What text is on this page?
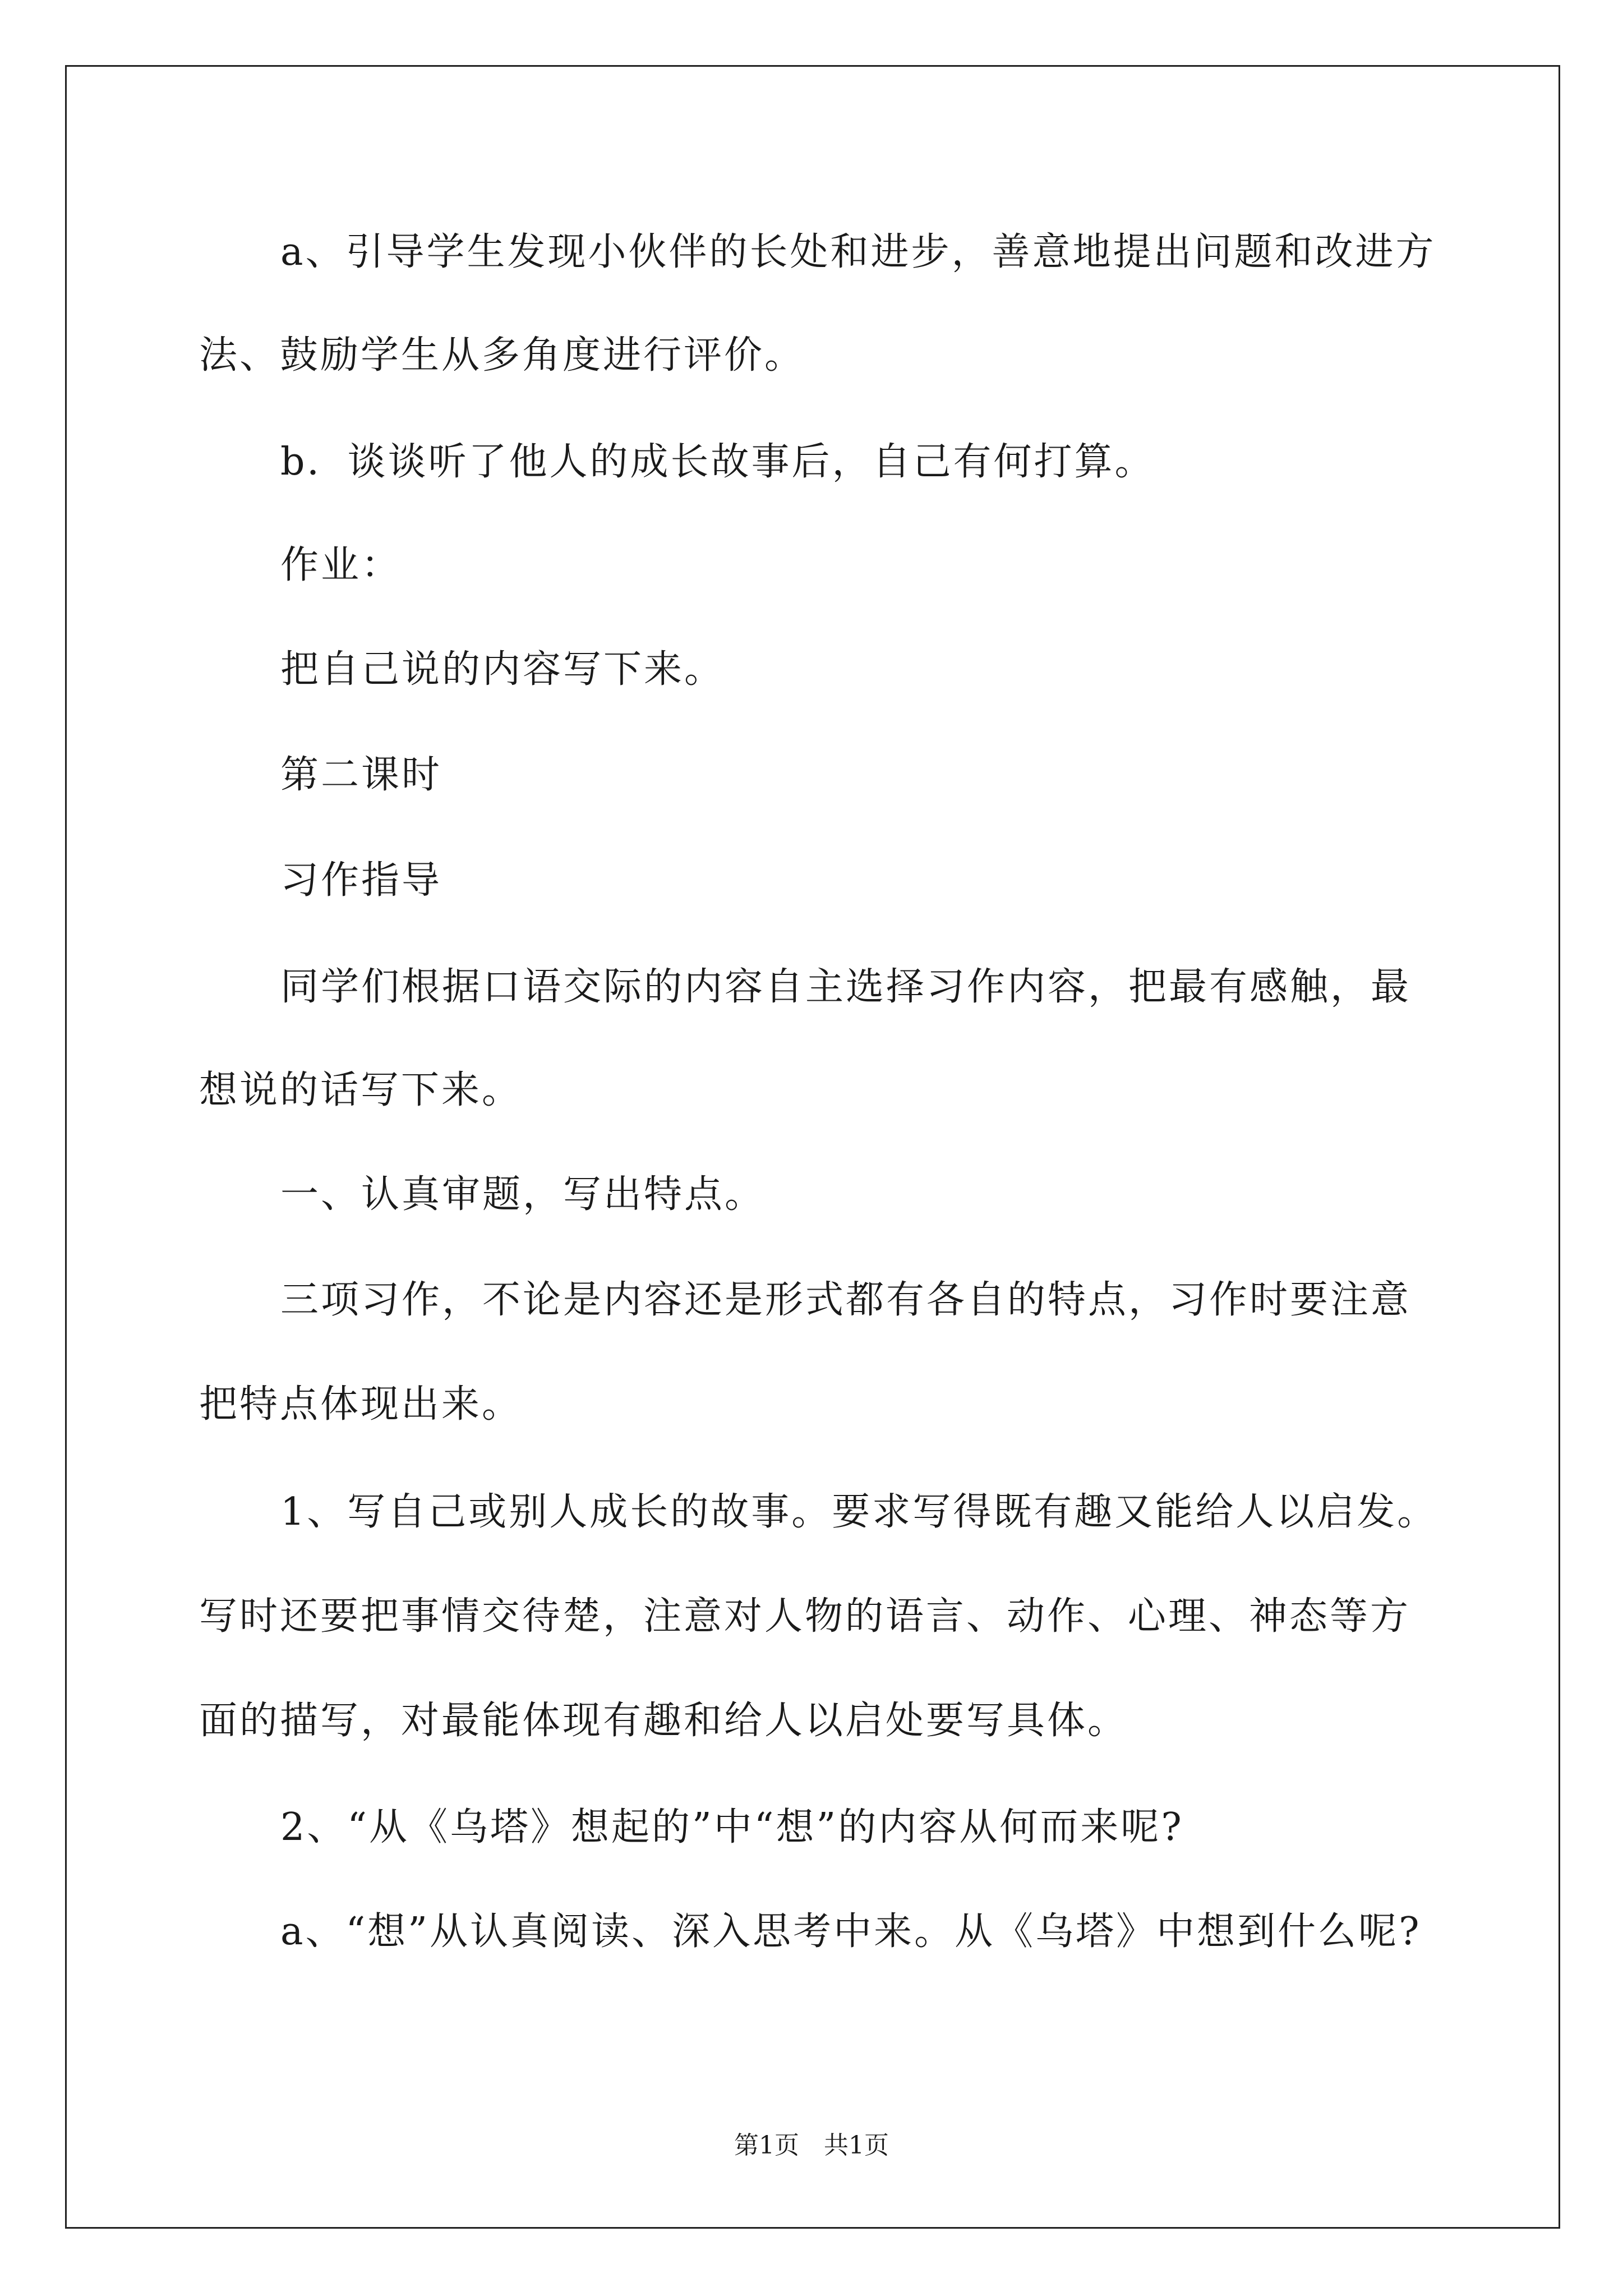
a、引导学生发现小伙伴的长处和进步，善意地提出问题和改进方
法、鼓励学生从多角度进行评价。
b．谈谈听了他人的成长故事后，自己有何打算。
作业：
把自己说的内容写下来。
第二课时
习作指导
同学们根据口语交际的内容自主选择习作内容，把最有感触，最
想说的话写下来。
一、认真审题，写出特点。
三项习作，不论是内容还是形式都有各自的特点，习作时要注意
把特点体现出来。
1、写自己或别人成长的故事。要求写得既有趣又能给人以启发。
写时还要把事情交待楚，注意对人物的语言、动作、心理、神态等方
面的描写，对最能体现有趣和给人以启处要写具体。
2、“从《乌塔》想起的”中“想”的内容从何而来呢?
a、“想”从认真阅读、深入思考中来。从《乌塔》中想到什么呢?
第1页　共1页
